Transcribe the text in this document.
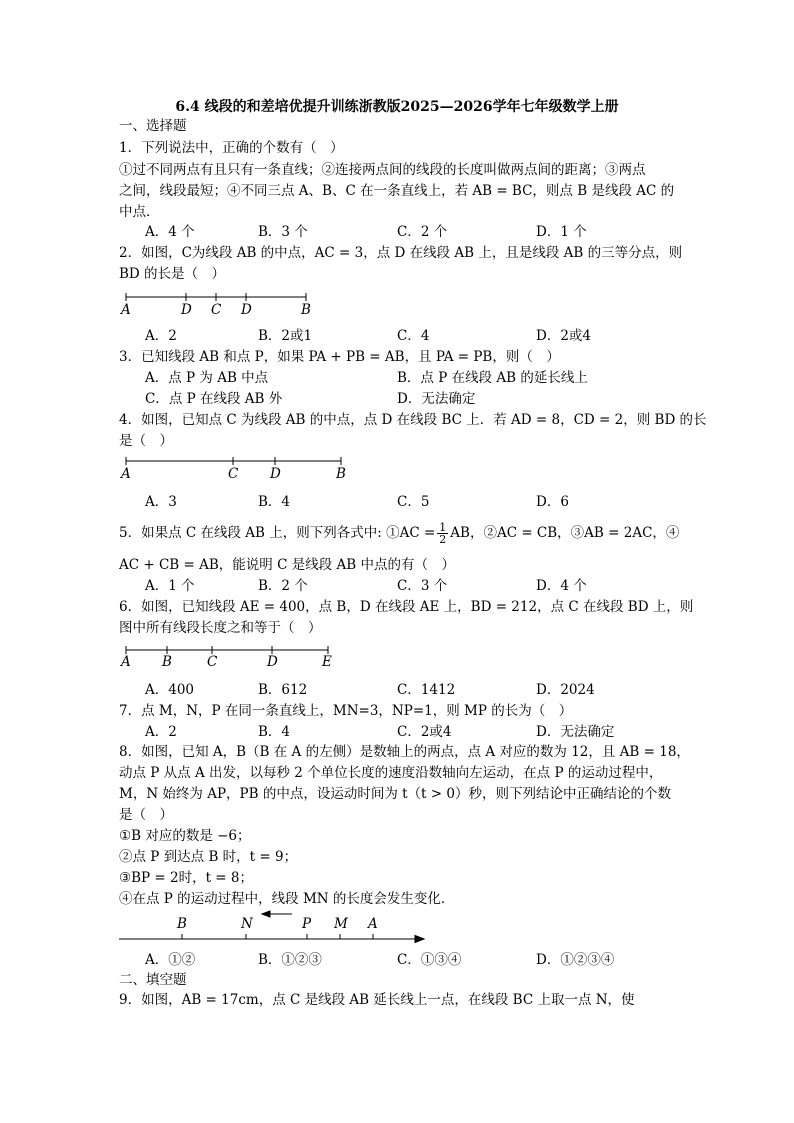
6.4 线段的和差培优提升训练浙教版2025—2026学年七年级数学上册
一、选择题
1．下列说法中，正确的个数有（　）
①过不同两点有且只有一条直线；②连接两点间的线段的长度叫做两点间的距离；③两点
之间，线段最短；④不同三点 A、B、C 在一条直线上，若 AB = BC，则点 B 是线段 AC 的
中点．
A．4 个	B．3 个	C．2 个	D．1 个
2．如图，C为线段 AB 的中点，AC = 3，点 D 在线段 AB 上，且是线段 AB 的三等分点，则
BD 的长是（　）
A	D C D	B
A．2	B．2或1	C．4	D．2或4
3．已知线段 AB 和点 P，如果 PA + PB = AB，且 PA = PB，则（　）
A．点 P 为 AB 中点	B．点 P 在线段 AB 的延长线上
C．点 P 在线段 AB 外	D．无法确定
4．如图，已知点 C 为线段 AB 的中点，点 D 在线段 BC 上．若 AD = 8，CD = 2，则 BD 的长
是（　）
A	C D	B
A．3	B．4	C．5	D．6
5．如果点 C 在线段 AB 上，则下列各式中: ①AC = $\frac{1}{2}$ AB，②AC = CB，③AB = 2AC，④
AC + CB = AB，能说明 C 是线段 AB 中点的有（　）
A．1 个	B．2 个	C．3 个	D．4 个
6．如图，已知线段 AE = 400，点 B，D 在线段 AE 上，BD = 212，点 C 在线段 BD 上，则
图中所有线段长度之和等于（　）
A B	C	D	E
A．400	B．612	C．1412	D．2024
7．点 M，N，P 在同一条直线上，MN=3，NP=1，则 MP 的长为（　）
A．2	B．4	C．2或4	D．无法确定
8．如图，已知 A，B（B 在 A 的左侧）是数轴上的两点，点 A 对应的数为 12，且 AB = 18，
动点 P 从点 A 出发，以每秒 2 个单位长度的速度沿数轴向左运动，在点 P 的运动过程中，
M，N 始终为 AP，PB 的中点，设运动时间为 t（t > 0）秒，则下列结论中正确结论的个数
是（　）
①B 对应的数是 −6；
②点 P 到达点 B 时，t = 9；
③BP = 2时，t = 8；
④在点 P 的运动过程中，线段 MN 的长度会发生变化．
B	N	P M A
A．①②	B．①②③	C．①③④	D．①②③④
二、填空题
9．如图，AB = 17cm，点 C 是线段 AB 延长线上一点，在线段 BC 上取一点 N，使
